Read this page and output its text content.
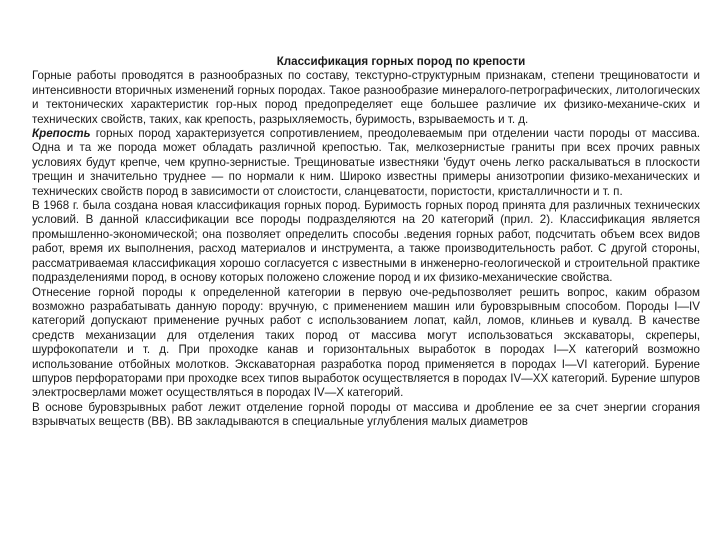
Классификация горных пород по крепости

Горные работы проводятся в разнообразных по составу, текстурно-структурным признакам, степени трещиноватости и интенсивности вторичных изменений горных породах. Такое разнообразие минералого-петрографических, литологических и тектонических характеристик гор-ных пород предопределяет еще большее различие их физико-механиче-ских и технических свойств, таких, как крепость, разрыхляемость, буримость, взрываемость и т. д.

Крепость горных пород характеризуется сопротивлением, преодолеваемым при отделении части породы от массива. Одна и та же порода может обладать различной крепостью. Так, мелкозернистые граниты при всех прочих равных условиях будут крепче, чем крупно-зернистые. Трещиноватые известняки 'будут очень легко раскалываться в плоскости трещин и значительно труднее — по нормали к ним. Широко известны примеры анизотропии физико-механических и технических свойств пород в зависимости от слоистости, сланцеватости, пористости, кристалличности и т. п.

В 1968 г. была создана новая классификация горных пород. Буримость горных пород принята для различных технических условий. В данной классификации все породы подразделяются на 20 категорий (прил. 2). Классификация является промышленно-экономической; она позволяет определить способы .ведения горных работ, подсчитать объем всех видов работ, время их выполнения, расход материалов и инструмента, а также производительность работ. С другой стороны, рассматриваемая классификация хорошо согласуется с известными в инженерно-геологической и строительной практике подразделениями пород, в основу которых положено сложение пород и их физико-механические свойства.

Отнесение горной породы к определенной категории в первую оче-редьпозволяет решить вопрос, каким образом возможно разрабатывать данную породу: вручную, с применением машин или буровзрывным способом. Породы I—IV категорий допускают применение ручных работ с использованием лопат, кайл, ломов, клиньев и кувалд. В качестве средств механизации для отделения таких пород от массива могут использоваться экскаваторы, скреперы, шурфокопатели и т. д. При проходке канав и горизонтальных выработок в породах I—X категорий возможно использование отбойных молотков. Экскаваторная разработка пород применяется в породах I—VI категорий. Бурение шпуров перфораторами при проходке всех типов выработок осуществляется в породах IV—XX категорий. Бурение шпуров электросверлами может осуществляться в породах IV—X категорий.

В основе буровзрывных работ лежит отделение горной породы от массива и дробление ее за счет энергии сгорания взрывчатых веществ (ВВ). ВВ закладываются в специальные углубления малых диаметров
